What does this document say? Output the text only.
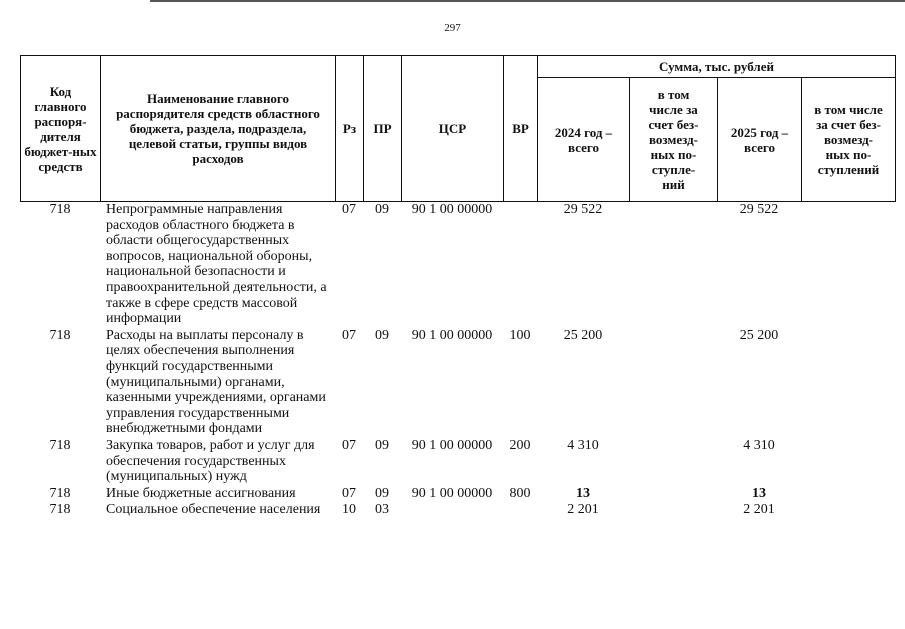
297
Код главного распоря-дителя бюджет-ных средств	Наименование главного распорядителя средств областного бюджета, раздела, подраздела, целевой статьи, группы видов расходов	Рз	ПР	ЦСР	ВР	Сумма, тыс. рублей			
						2024 год – всего	в том числе за счет без-возмезд-ных по-ступле-ний	2025 год – всего	в том числе за счет без-возмезд-ных по-ступлений
718	Непрограммные направления расходов областного бюджета в области общегосударственных вопросов, национальной обороны, национальной безопасности и правоохранительной деятельности, а также в сфере средств массовой информации	07	09	90 1 00 00000		29 522		29 522	
718	Расходы на выплаты персоналу в целях обеспечения выполнения функций государственными (муниципальными) органами, казенными учреждениями, органами управления государственными внебюджетными фондами	07	09	90 1 00 00000	100	25 200		25 200	
718	Закупка товаров, работ и услуг для обеспечения государственных (муниципальных) нужд	07	09	90 1 00 00000	200	4 310		4 310	
718	Иные бюджетные ассигнования	07	09	90 1 00 00000	800	13		13	
718	Социальное обеспечение населения	10	03			2 201		2 201	
